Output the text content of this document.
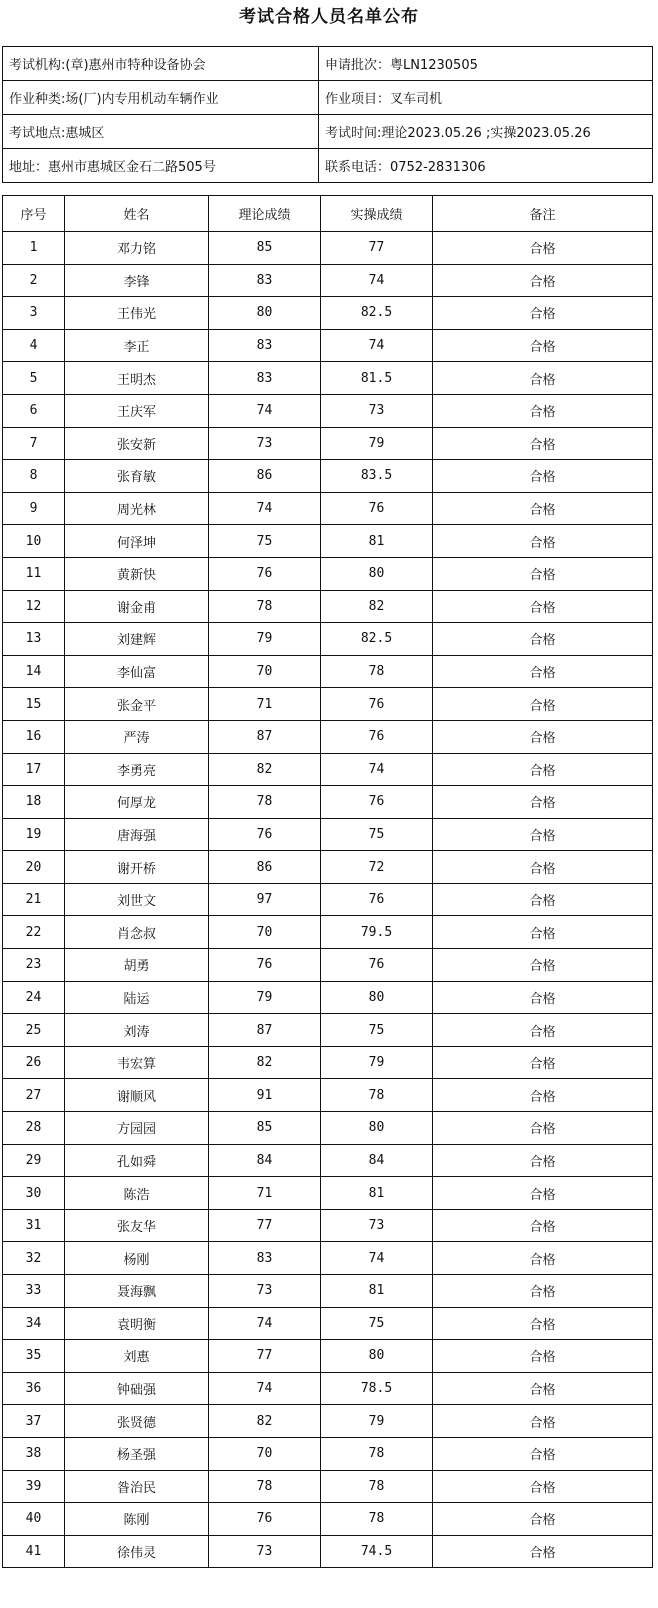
考试合格人员名单公布
考试机构:(章)惠州市特种设备协会	申请批次：粤LN1230505
作业种类:场(厂)内专用机动车辆作业	作业项目：叉车司机
考试地点:惠城区	考试时间:理论2023.05.26 ;实操2023.05.26
地址：惠州市惠城区金石二路505号	联系电话：0752-2831306
序号	姓名	理论成绩	实操成绩	备注
1	邓力铭	85	77	合格
2	李锋	83	74	合格
3	王伟光	80	82.5	合格
4	李正	83	74	合格
5	王明杰	83	81.5	合格
6	王庆军	74	73	合格
7	张安新	73	79	合格
8	张育敏	86	83.5	合格
9	周光林	74	76	合格
10	何泽坤	75	81	合格
11	黄新快	76	80	合格
12	谢金甫	78	82	合格
13	刘建辉	79	82.5	合格
14	李仙富	70	78	合格
15	张金平	71	76	合格
16	严涛	87	76	合格
17	李勇亮	82	74	合格
18	何厚龙	78	76	合格
19	唐海强	76	75	合格
20	谢开桥	86	72	合格
21	刘世文	97	76	合格
22	肖念叔	70	79.5	合格
23	胡勇	76	76	合格
24	陆运	79	80	合格
25	刘涛	87	75	合格
26	韦宏算	82	79	合格
27	谢顺风	91	78	合格
28	方园园	85	80	合格
29	孔如舜	84	84	合格
30	陈浩	71	81	合格
31	张友华	77	73	合格
32	杨刚	83	74	合格
33	聂海飘	73	81	合格
34	袁明衡	74	75	合格
35	刘惠	77	80	合格
36	钟础强	74	78.5	合格
37	张贤德	82	79	合格
38	杨圣强	70	78	合格
39	昝治民	78	78	合格
40	陈刚	76	78	合格
41	徐伟灵	73	74.5	合格
